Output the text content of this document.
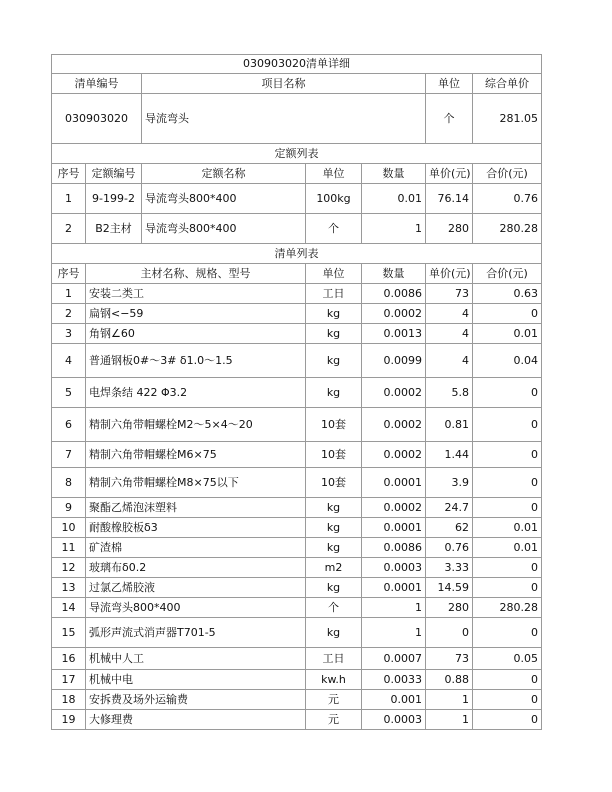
030903020清单详细						
清单编号		项目名称			单位	综合单价
030903020		导流弯头			个	281.05
定额列表						
序号	定额编号	定额名称	单位	数量	单价(元)	合价(元)
1	9-199-2	导流弯头800*400	100kg	0.01	76.14	0.76
2	B2主材	导流弯头800*400	个	1	280	280.28
清单列表						
序号	主材名称、规格、型号		单位	数量	单价(元)	合价(元)
1	安装二类工		工日	0.0086	73	0.63
2	扁钢<−59		kg	0.0002	4	0
3	角钢∠60		kg	0.0013	4	0.01
4	普通钢板0#～3# δ1.0～1.5		kg	0.0099	4	0.04
5	电焊条结 422 Φ3.2		kg	0.0002	5.8	0
6	精制六角带帽螺栓M2～5×4～20		10套	0.0002	0.81	0
7	精制六角带帽螺栓M6×75		10套	0.0002	1.44	0
8	精制六角带帽螺栓M8×75以下		10套	0.0001	3.9	0
9	聚酯乙烯泡沫塑料		kg	0.0002	24.7	0
10	耐酸橡胶板δ3		kg	0.0001	62	0.01
11	矿渣棉		kg	0.0086	0.76	0.01
12	玻璃布δ0.2		m2	0.0003	3.33	0
13	过氯乙烯胶液		kg	0.0001	14.59	0
14	导流弯头800*400		个	1	280	280.28
15	弧形声流式消声器T701-5		kg	1	0	0
16	机械中人工		工日	0.0007	73	0.05
17	机械中电		kw.h	0.0033	0.88	0
18	安拆费及场外运输费		元	0.001	1	0
19	大修理费		元	0.0003	1	0
